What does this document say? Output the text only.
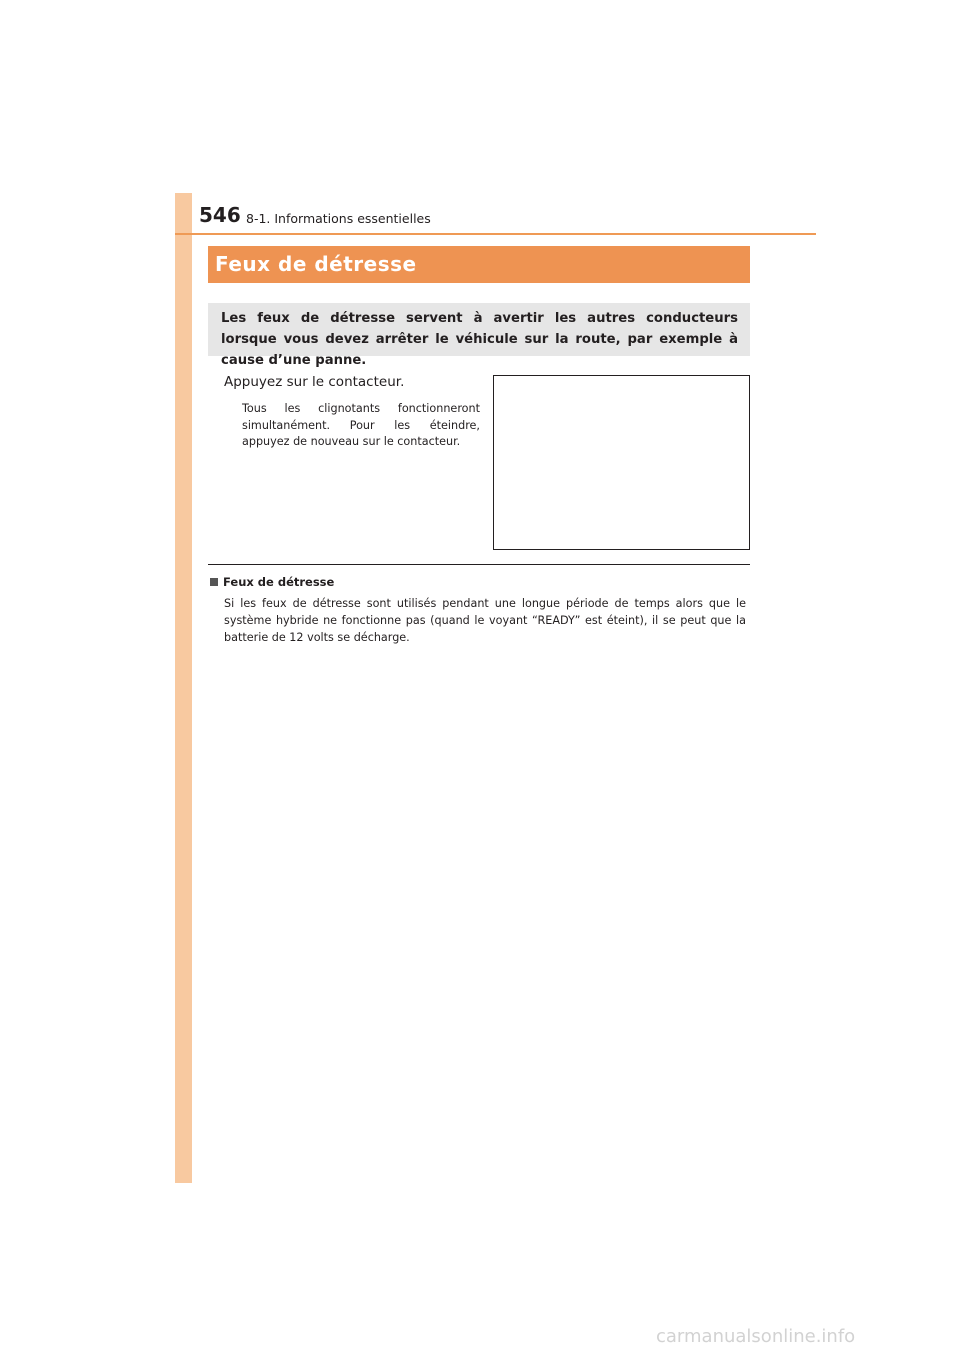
546 8-1. Informations essentielles
Feux de détresse
Les feux de détresse servent à avertir les autres conducteurs lorsque vous devez arrêter le véhicule sur la route, par exemple à cause d’une panne.
Appuyez sur le contacteur.
Tous les clignotants fonctionneront simultanément. Pour les éteindre, appuyez de nouveau sur le contacteur.
Feux de détresse
Si les feux de détresse sont utilisés pendant une longue période de temps alors que le système hybride ne fonctionne pas (quand le voyant “READY” est éteint), il se peut que la batterie de 12 volts se décharge.
carmanualsonline.info
